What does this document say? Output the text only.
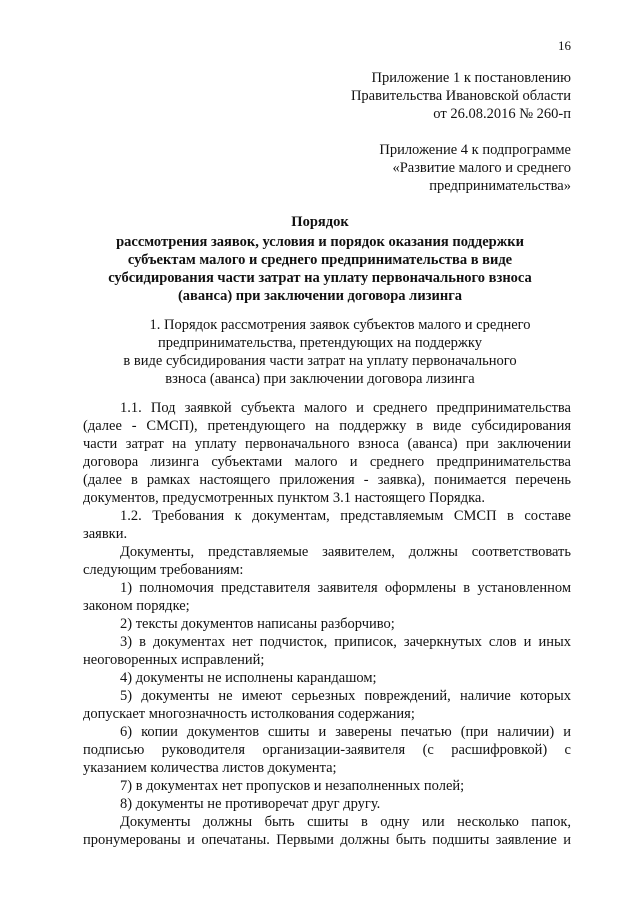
16
Приложение 1 к постановлению
Правительства Ивановской области
от 26.08.2016 № 260-п
Приложение 4 к подпрограмме
«Развитие малого и среднего
предпринимательства»
Порядок
рассмотрения заявок, условия и порядок оказания поддержки
субъектам малого и среднего предпринимательства в виде
субсидирования части затрат на уплату первоначального взноса
(аванса) при заключении договора лизинга
1. Порядок рассмотрения заявок субъектов малого и среднего
предпринимательства, претендующих на поддержку
в виде субсидирования части затрат на уплату первоначального
взноса (аванса) при заключении договора лизинга
1.1. Под заявкой субъекта малого и среднего предпринимательства
(далее - СМСП), претендующего на поддержку в виде субсидирования
части затрат на уплату первоначального взноса (аванса) при заключении
договора лизинга субъектами малого и среднего предпринимательства
(далее в рамках настоящего приложения - заявка), понимается перечень
документов, предусмотренных пунктом 3.1 настоящего Порядка.
1.2. Требования к документам, представляемым СМСП в составе
заявки.
Документы, представляемые заявителем, должны соответствовать
следующим требованиям:
1) полномочия представителя заявителя оформлены в установленном
законом порядке;
2) тексты документов написаны разборчиво;
3) в документах нет подчисток, приписок, зачеркнутых слов и иных
неоговоренных исправлений;
4) документы не исполнены карандашом;
5) документы не имеют серьезных повреждений, наличие которых
допускает многозначность истолкования содержания;
6) копии документов сшиты и заверены печатью (при наличии) и
подписью руководителя организации-заявителя (с расшифровкой) с
указанием количества листов документа;
7) в документах нет пропусков и незаполненных полей;
8) документы не противоречат друг другу.
Документы должны быть сшиты в одну или несколько папок,
пронумерованы и опечатаны. Первыми должны быть подшиты заявление и
